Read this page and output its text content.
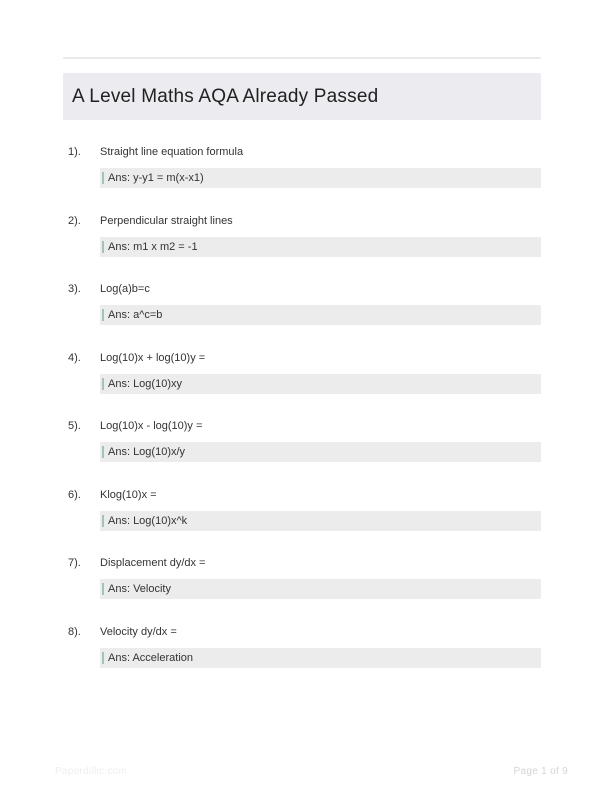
A Level Maths AQA Already Passed
1). Straight line equation formula
Ans: y-y1 = m(x-x1)
2). Perpendicular straight lines
Ans: m1 x m2 = -1
3). Log(a)b=c
Ans: a^c=b
4). Log(10)x + log(10)y =
Ans: Log(10)xy
5). Log(10)x - log(10)y =
Ans: Log(10)x/y
6). Klog(10)x =
Ans: Log(10)x^k
7). Displacement dy/dx =
Ans: Velocity
8). Velocity dy/dx =
Ans: Acceleration
Paperdillic.com	Page 1 of 9
